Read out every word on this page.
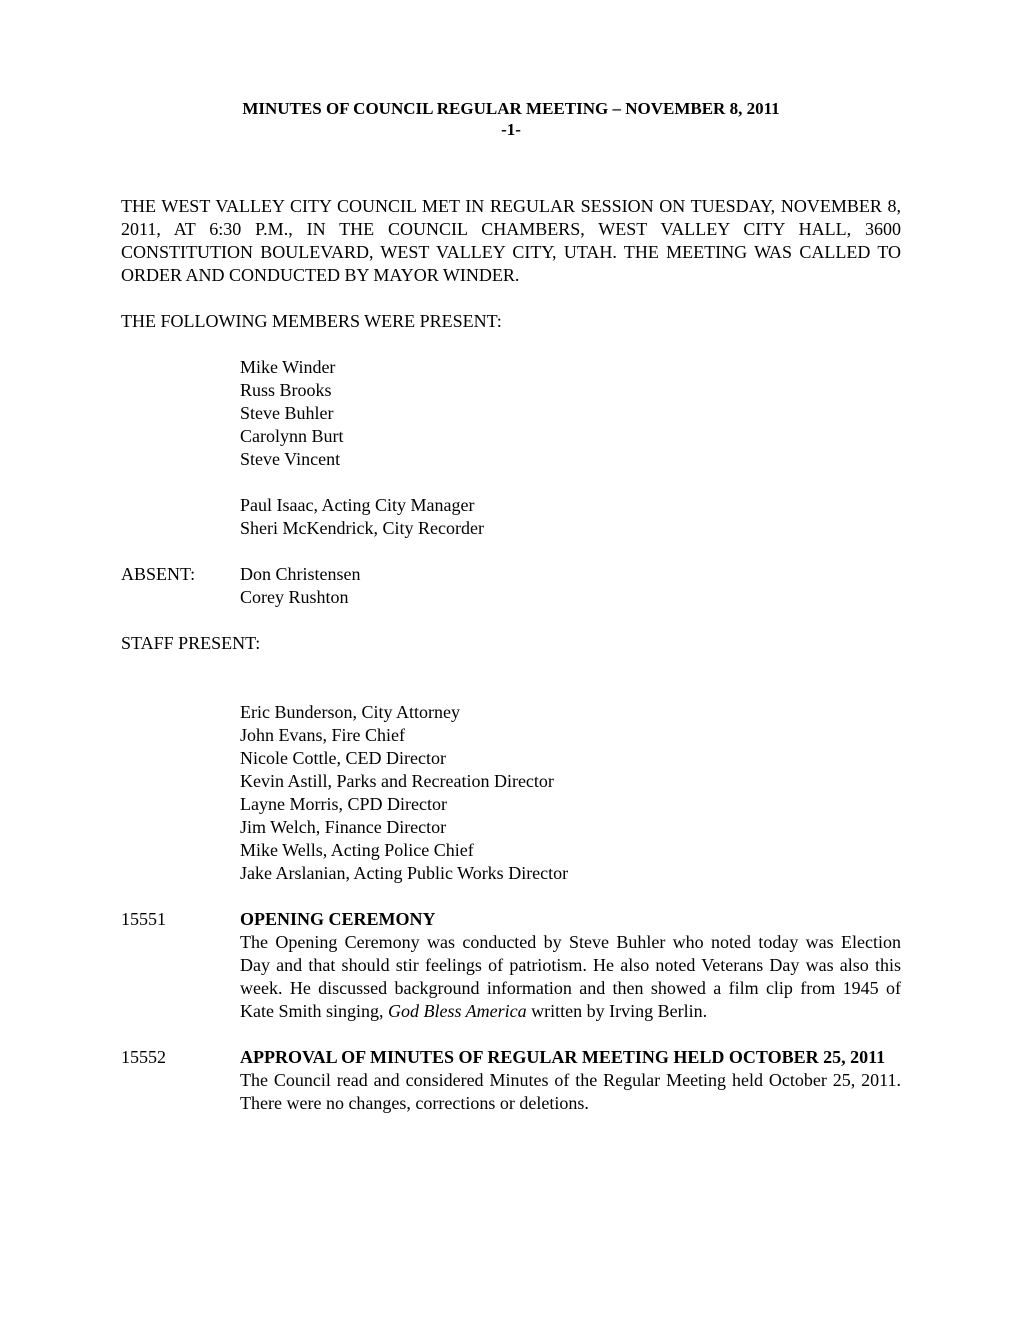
MINUTES OF COUNCIL REGULAR MEETING – NOVEMBER 8, 2011
-1-
THE WEST VALLEY CITY COUNCIL MET IN REGULAR SESSION ON TUESDAY, NOVEMBER 8, 2011, AT 6:30 P.M., IN THE COUNCIL CHAMBERS, WEST VALLEY CITY HALL, 3600 CONSTITUTION BOULEVARD, WEST VALLEY CITY, UTAH. THE MEETING WAS CALLED TO ORDER AND CONDUCTED BY MAYOR WINDER.
THE FOLLOWING MEMBERS WERE PRESENT:
Mike Winder
Russ Brooks
Steve Buhler
Carolynn Burt
Steve Vincent
Paul Isaac, Acting City Manager
Sheri McKendrick, City Recorder
ABSENT:	Don Christensen
Corey Rushton
STAFF PRESENT:
Eric Bunderson, City Attorney
John Evans, Fire Chief
Nicole Cottle, CED Director
Kevin Astill, Parks and Recreation Director
Layne Morris, CPD Director
Jim Welch, Finance Director
Mike Wells, Acting Police Chief
Jake Arslanian, Acting Public Works Director
15551	OPENING CEREMONY
The Opening Ceremony was conducted by Steve Buhler who noted today was Election Day and that should stir feelings of patriotism. He also noted Veterans Day was also this week. He discussed background information and then showed a film clip from 1945 of Kate Smith singing, God Bless America written by Irving Berlin.
15552	APPROVAL OF MINUTES OF REGULAR MEETING HELD OCTOBER 25, 2011
The Council read and considered Minutes of the Regular Meeting held October 25, 2011. There were no changes, corrections or deletions.
